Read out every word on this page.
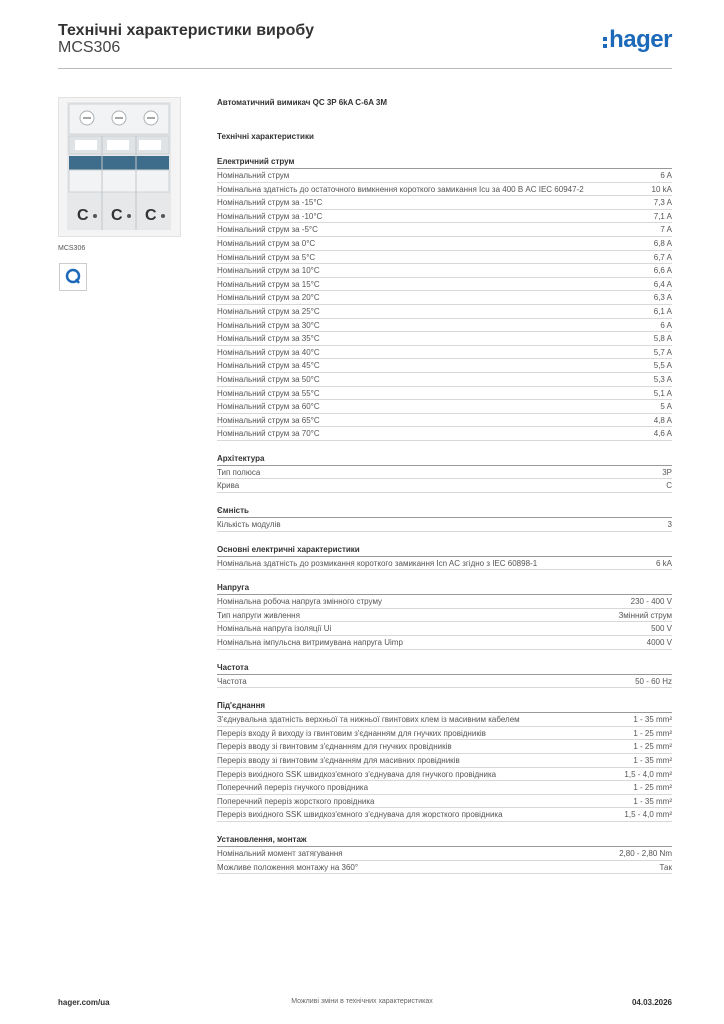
Технічні характеристики виробу
MCS306	hager
C C C
MCS306
Автоматичний вимикач QC 3P 6kA C-6A 3M
Технічні характеристики
Електричний струм
Номінальний струм	6 A
Номінальна здатність до остаточного вимкнення короткого замикання Icu за 400 В AC IEC 60947-2	10 kA
Номінальний струм за -15°C	7,3 A
Номінальний струм за -10°C	7,1 A
Номінальний струм за -5°C	7 A
Номінальний струм за 0°C	6,8 A
Номінальний струм за 5°C	6,7 A
Номінальний струм за 10°C	6,6 A
Номінальний струм за 15°C	6,4 A
Номінальний струм за 20°C	6,3 A
Номінальний струм за 25°C	6,1 A
Номінальний струм за 30°C	6 A
Номінальний струм за 35°C	5,8 A
Номінальний струм за 40°C	5,7 A
Номінальний струм за 45°C	5,5 A
Номінальний струм за 50°C	5,3 A
Номінальний струм за 55°C	5,1 A
Номінальний струм за 60°C	5 A
Номінальний струм за 65°C	4,8 A
Номінальний струм за 70°C	4,6 A
Архітектура
Тип полюса	3P
Крива	C
Ємність
Кількість модулів	3
Основні електричні характеристики
Номінальна здатність до розмикання короткого замикання Icn AC згідно з IEC 60898-1	6 kA
Напруга
Номінальна робоча напруга змінного струму	230 - 400 V
Тип напруги живлення	Змінний струм
Номінальна напруга ізоляції Ui	500 V
Номінальна імпульсна витримувана напруга Uimp	4000 V
Частота
Частота	50 - 60 Hz
Під'єднання
З'єднувальна здатність верхньої та нижньої гвинтових клем із масивним кабелем	1 - 35 mm²
Переріз входу й виходу із гвинтовим з'єднанням для гнучких провідників	1 - 25 mm²
Переріз вводу зі гвинтовим з'єднанням для гнучких провідників	1 - 25 mm²
Переріз вводу зі гвинтовим з'єднанням для масивних провідників	1 - 35 mm²
Переріз вихідного SSK швидкоз'ємного з'єднувача для гнучкого провідника	1,5 - 4,0 mm²
Поперечний переріз гнучкого провідника	1 - 25 mm²
Поперечний переріз жорсткого провідника	1 - 35 mm²
Переріз вихідного SSK швидкоз'ємного з'єднувача для жорсткого провідника	1,5 - 4,0 mm²
Установлення, монтаж
Номінальний момент затягування	2,80 - 2,80 Nm
Можливе положення монтажу на 360°	Так
hager.com/ua	Можливі зміни в технічних характеристиках	04.03.2026
